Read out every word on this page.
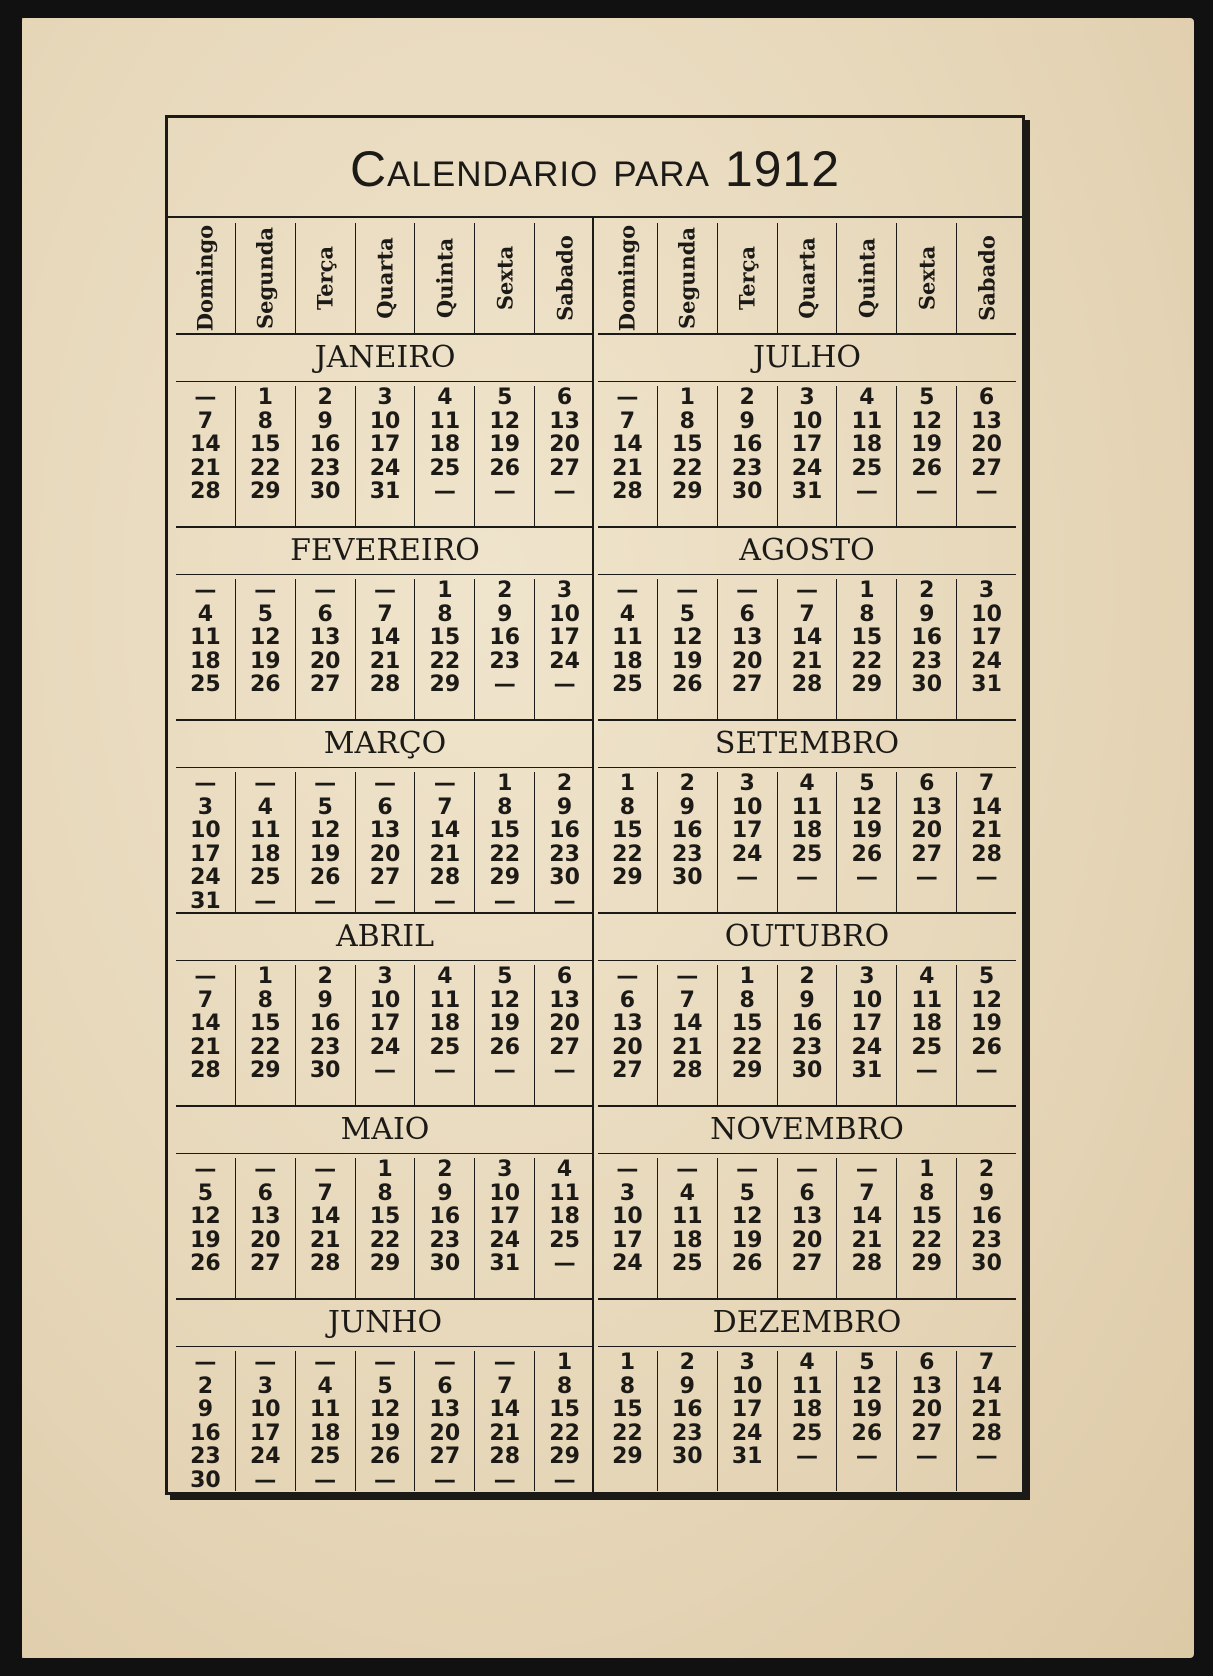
Calendario para 1912
Domingo Segunda Terça Quarta Quinta Sexta Sabado
JANEIRO
—
7
14
21
28
1
8
15
22
29
2
9
16
23
30
3
10
17
24
31
4
11
18
25
—
5
12
19
26
—
6
13
20
27
—
FEVEREIRO
—
4
11
18
25
—
5
12
19
26
—
6
13
20
27
—
7
14
21
28
1
8
15
22
29
2
9
16
23
—
3
10
17
24
—
MARÇO
—
3
10
17
24
31
—
4
11
18
25
—
—
5
12
19
26
—
—
6
13
20
27
—
—
7
14
21
28
—
1
8
15
22
29
—
2
9
16
23
30
—
ABRIL
—
7
14
21
28
1
8
15
22
29
2
9
16
23
30
3
10
17
24
—
4
11
18
25
—
5
12
19
26
—
6
13
20
27
—
MAIO
—
5
12
19
26
—
6
13
20
27
—
7
14
21
28
1
8
15
22
29
2
9
16
23
30
3
10
17
24
31
4
11
18
25
—
JUNHO
—
2
9
16
23
30
—
3
10
17
24
—
—
4
11
18
25
—
—
5
12
19
26
—
—
6
13
20
27
—
—
7
14
21
28
—
1
8
15
22
29
—
Domingo Segunda Terça Quarta Quinta Sexta Sabado
JULHO
—
7
14
21
28
1
8
15
22
29
2
9
16
23
30
3
10
17
24
31
4
11
18
25
—
5
12
19
26
—
6
13
20
27
—
AGOSTO
—
4
11
18
25
—
5
12
19
26
—
6
13
20
27
—
7
14
21
28
1
8
15
22
29
2
9
16
23
30
3
10
17
24
31
SETEMBRO
1
8
15
22
29
2
9
16
23
30
3
10
17
24
—
4
11
18
25
—
5
12
19
26
—
6
13
20
27
—
7
14
21
28
—
OUTUBRO
—
6
13
20
27
—
7
14
21
28
1
8
15
22
29
2
9
16
23
30
3
10
17
24
31
4
11
18
25
—
5
12
19
26
—
NOVEMBRO
—
3
10
17
24
—
4
11
18
25
—
5
12
19
26
—
6
13
20
27
—
7
14
21
28
1
8
15
22
29
2
9
16
23
30
DEZEMBRO
1
8
15
22
29
2
9
16
23
30
3
10
17
24
31
4
11
18
25
—
5
12
19
26
—
6
13
20
27
—
7
14
21
28
—
